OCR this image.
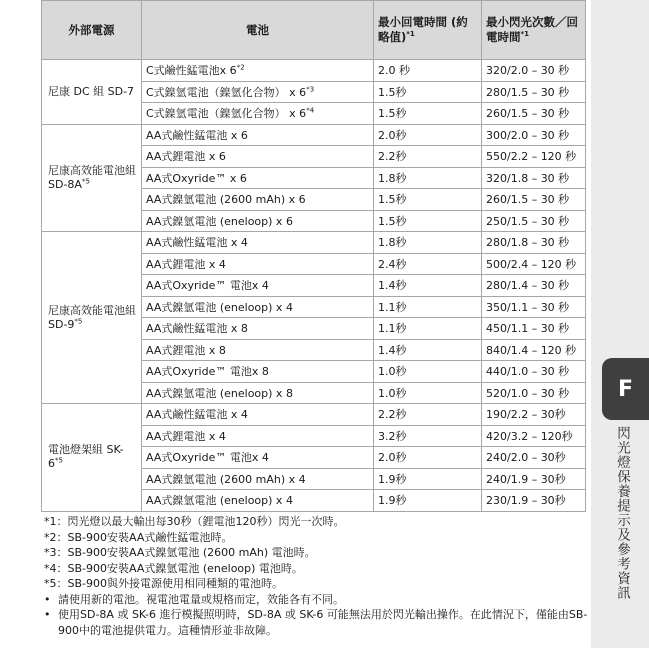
F
閃光燈保養提示及參考資訊
外部電源	電池	最小回電時間 (約略值)$^{*1}$	最小閃光次數／回電時間$^{*1}$
尼康 DC 組 SD-7	C式鹼性錳電池x 6$^{*2}$	2.0 秒	320/2.0 – 30 秒
	C式鎳氫電池（鎳氫化合物） x 6$^{*3}$	1.5秒	280/1.5 – 30 秒
	C式鎳氫電池（鎳氫化合物） x 6$^{*4}$	1.5秒	260/1.5 – 30 秒
尼康高效能電池組$SD-8A^{*5}$	AA式鹼性錳電池 x 6	2.0秒	300/2.0 – 30 秒
	AA式鋰電池 x 6	2.2秒	550/2.2 – 120 秒
	AA式Oxyride™ x 6	1.8秒	320/1.8 – 30 秒
	AA式鎳氫電池 (2600 mAh) x 6	1.5秒	260/1.5 – 30 秒
	AA式鎳氫電池 (eneloop) x 6	1.5秒	250/1.5 – 30 秒
尼康高效能電池組SD-9$^{*5}$	AA式鹼性錳電池 x 4	1.8秒	280/1.8 – 30 秒
	AA式鋰電池 x 4	2.4秒	500/2.4 – 120 秒
	AA式Oxyride™ 電池x 4	1.4秒	280/1.4 – 30 秒
	AA式鎳氫電池 (eneloop) x 4	1.1秒	350/1.1 – 30 秒
	AA式鹼性錳電池 x 8	1.1秒	450/1.1 – 30 秒
	AA式鋰電池 x 8	1.4秒	840/1.4 – 120 秒
	AA式Oxyride™ 電池x 8	1.0秒	440/1.0 – 30 秒
	AA式鎳氫電池 (eneloop) x 8	1.0秒	520/1.0 – 30 秒
電池燈架組 SK-6$^{*5}$	AA式鹼性錳電池 x 4	2.2秒	190/2.2 – 30秒
	AA式鋰電池 x 4	3.2秒	420/3.2 – 120秒
	AA式Oxyride™ 電池x 4	2.0秒	240/2.0 – 30秒
	AA式鎳氫電池 (2600 mAh) x 4	1.9秒	240/1.9 – 30秒
	AA式鎳氫電池 (eneloop) x 4	1.9秒	230/1.9 – 30秒
*1： 閃光燈以最大輸出每30秒（鋰電池120秒）閃光一次時。
*2： SB-900安裝AA式鹼性錳電池時。
*3： SB-900安裝AA式鎳氫電池 (2600 mAh) 電池時。
*4： SB-900安裝AA式鎳氫電池 (eneloop) 電池時。
*5： SB-900與外接電源使用相同種類的電池時。
• 請使用新的電池。視電池電量或規格而定，效能各有不同。
• 使用SD-8A 或 SK-6 進行模擬照明時，SD-8A 或 SK-6 可能無法用於閃光輸出操作。在此情況下，僅能由SB-900中的電池提供電力。這種情形並非故障。
